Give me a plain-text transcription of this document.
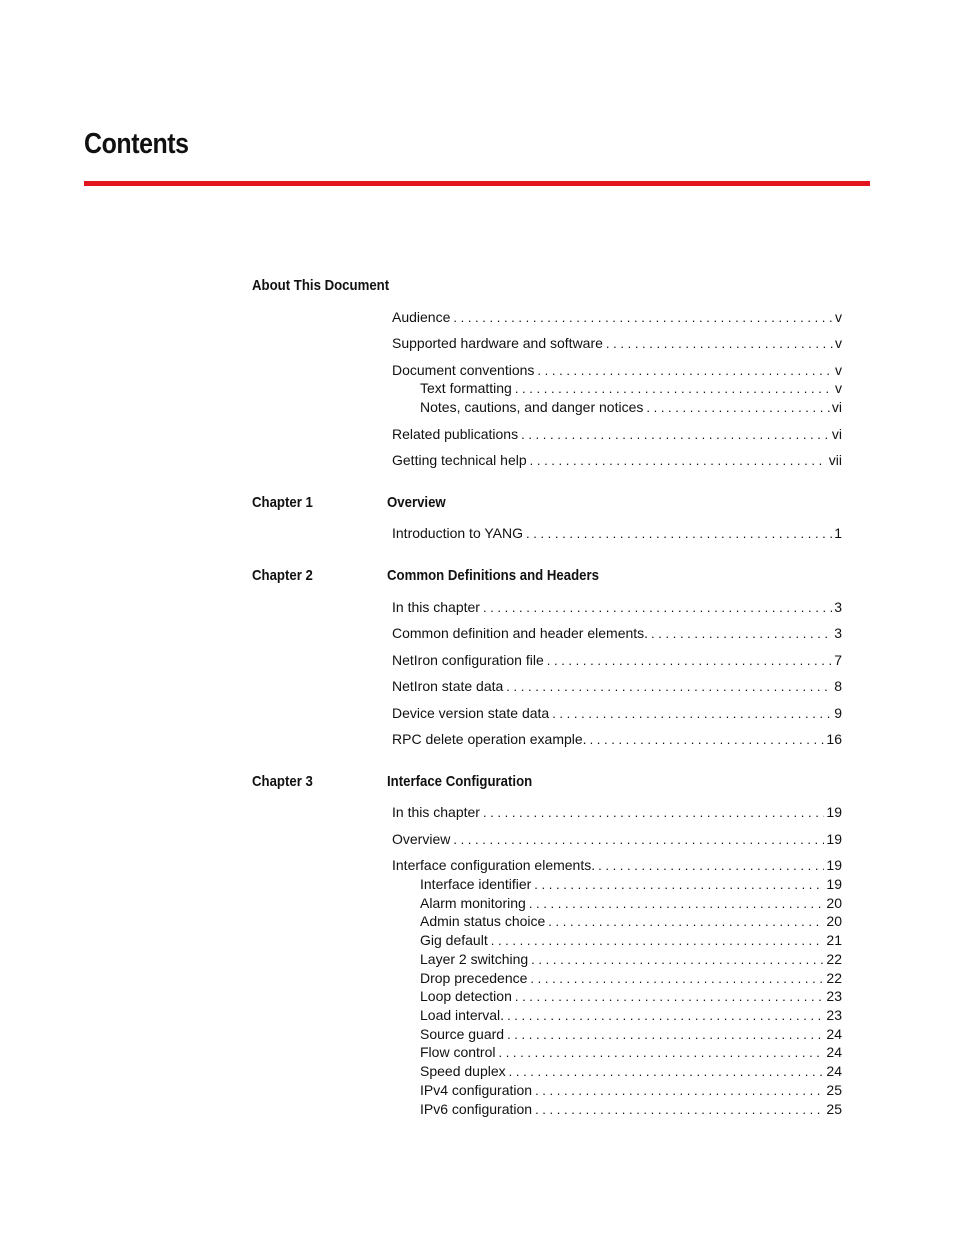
Contents
About This Document
Audience . . .	v
Supported hardware and software . . .	v
Document conventions . . .	v
Text formatting . . .	v
Notes, cautions, and danger notices . . .	vi
Related publications . . .	vi
Getting technical help . . .	vii
Chapter 1	Overview
Introduction to YANG . . .	1
Chapter 2	Common Definitions and Headers
In this chapter . . .	3
Common definition and header elements. . . .	3
NetIron configuration file . . .	7
NetIron state data . . .	8
Device version state data . . .	9
RPC delete operation example. . . .	16
Chapter 3	Interface Configuration
In this chapter . . .	19
Overview . . .	19
Interface configuration elements. . . .	19
Interface identifier . . .	19
Alarm monitoring . . .	20
Admin status choice . . .	20
Gig default . . .	21
Layer 2 switching . . .	22
Drop precedence . . .	22
Loop detection . . .	23
Load interval. . . .	23
Source guard . . .	24
Flow control . . .	24
Speed duplex . . .	24
IPv4 configuration . . .	25
IPv6 configuration . . .	25
